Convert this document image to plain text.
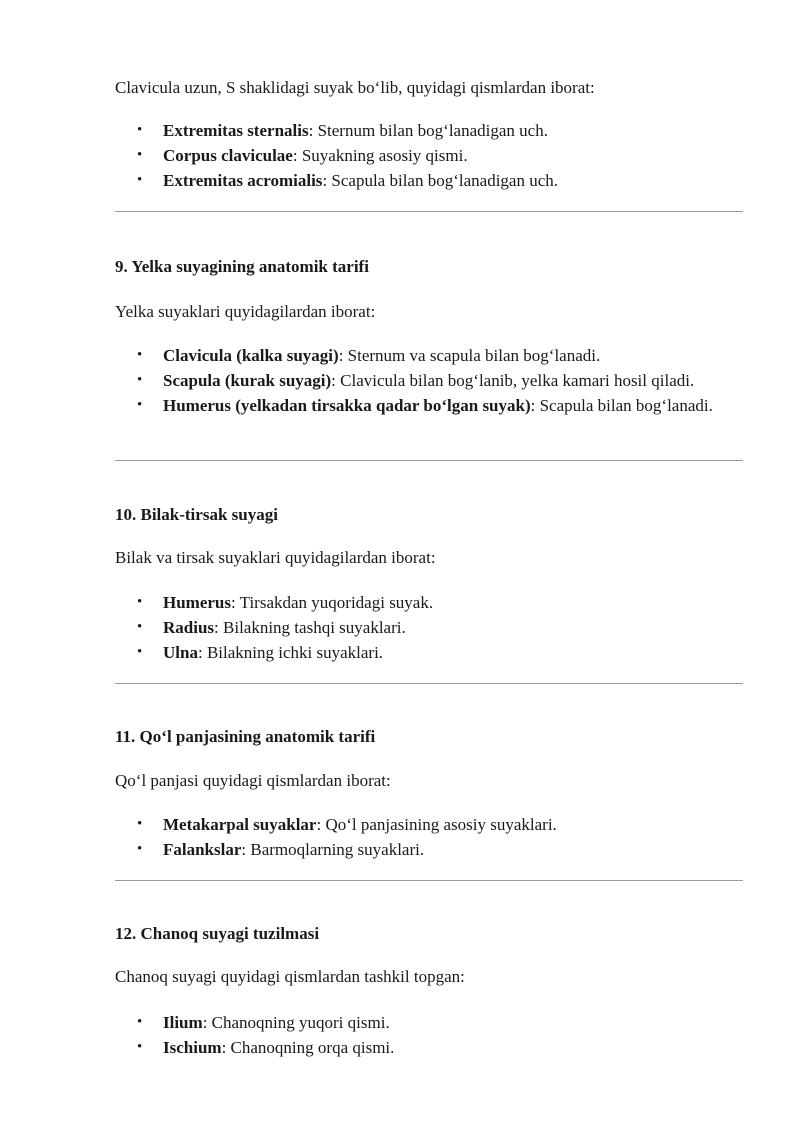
Clavicula uzun, S shaklidagi suyak bo‘lib, quyidagi qismlardan iborat:

• Extremitas sternalis: Sternum bilan bog‘lanadigan uch.
• Corpus claviculae: Suyakning asosiy qismi.
• Extremitas acromialis: Scapula bilan bog‘lanadigan uch.

9. Yelka suyagining anatomik tarifi

Yelka suyaklari quyidagilardan iborat:

• Clavicula (kalka suyagi): Sternum va scapula bilan bog‘lanadi.
• Scapula (kurak suyagi): Clavicula bilan bog‘lanib, yelka kamari hosil qiladi.
• Humerus (yelkadan tirsakka qadar bo‘lgan suyak): Scapula bilan bog‘lanadi.

10. Bilak-tirsak suyagi

Bilak va tirsak suyaklari quyidagilardan iborat:

• Humerus: Tirsakdan yuqoridagi suyak.
• Radius: Bilakning tashqi suyaklari.
• Ulna: Bilakning ichki suyaklari.

11. Qo‘l panjasining anatomik tarifi

Qo‘l panjasi quyidagi qismlardan iborat:

• Metakarpal suyaklar: Qo‘l panjasining asosiy suyaklari.
• Falankslar: Barmoqlarning suyaklari.

12. Chanoq suyagi tuzilmasi

Chanoq suyagi quyidagi qismlardan tashkil topgan:

• Ilium: Chanoqning yuqori qismi.
• Ischium: Chanoqning orqa qismi.
